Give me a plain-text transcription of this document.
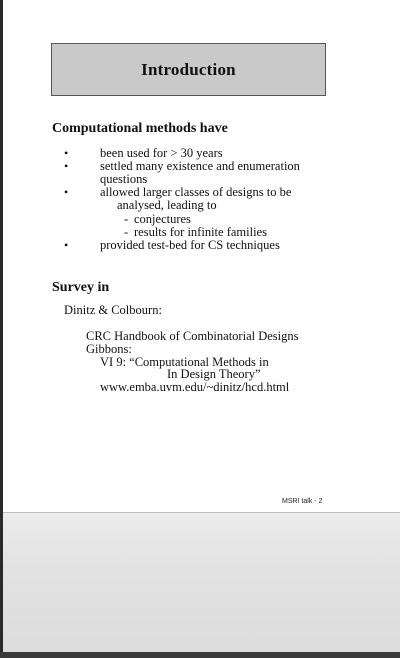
Introduction
Computational methods have
•	been used for > 30 years
•	settled many existence and enumeration
questions
•	allowed larger classes of designs to be
analysed, leading to
- conjectures
- results for infinite families
•	provided test-bed for CS techniques
Survey in
Dinitz & Colbourn:
CRC Handbook of Combinatorial Designs
Gibbons:
VI 9: “Computational Methods in
In Design Theory”
www.emba.uvm.edu/~dinitz/hcd.html
MSRI talk - 2
